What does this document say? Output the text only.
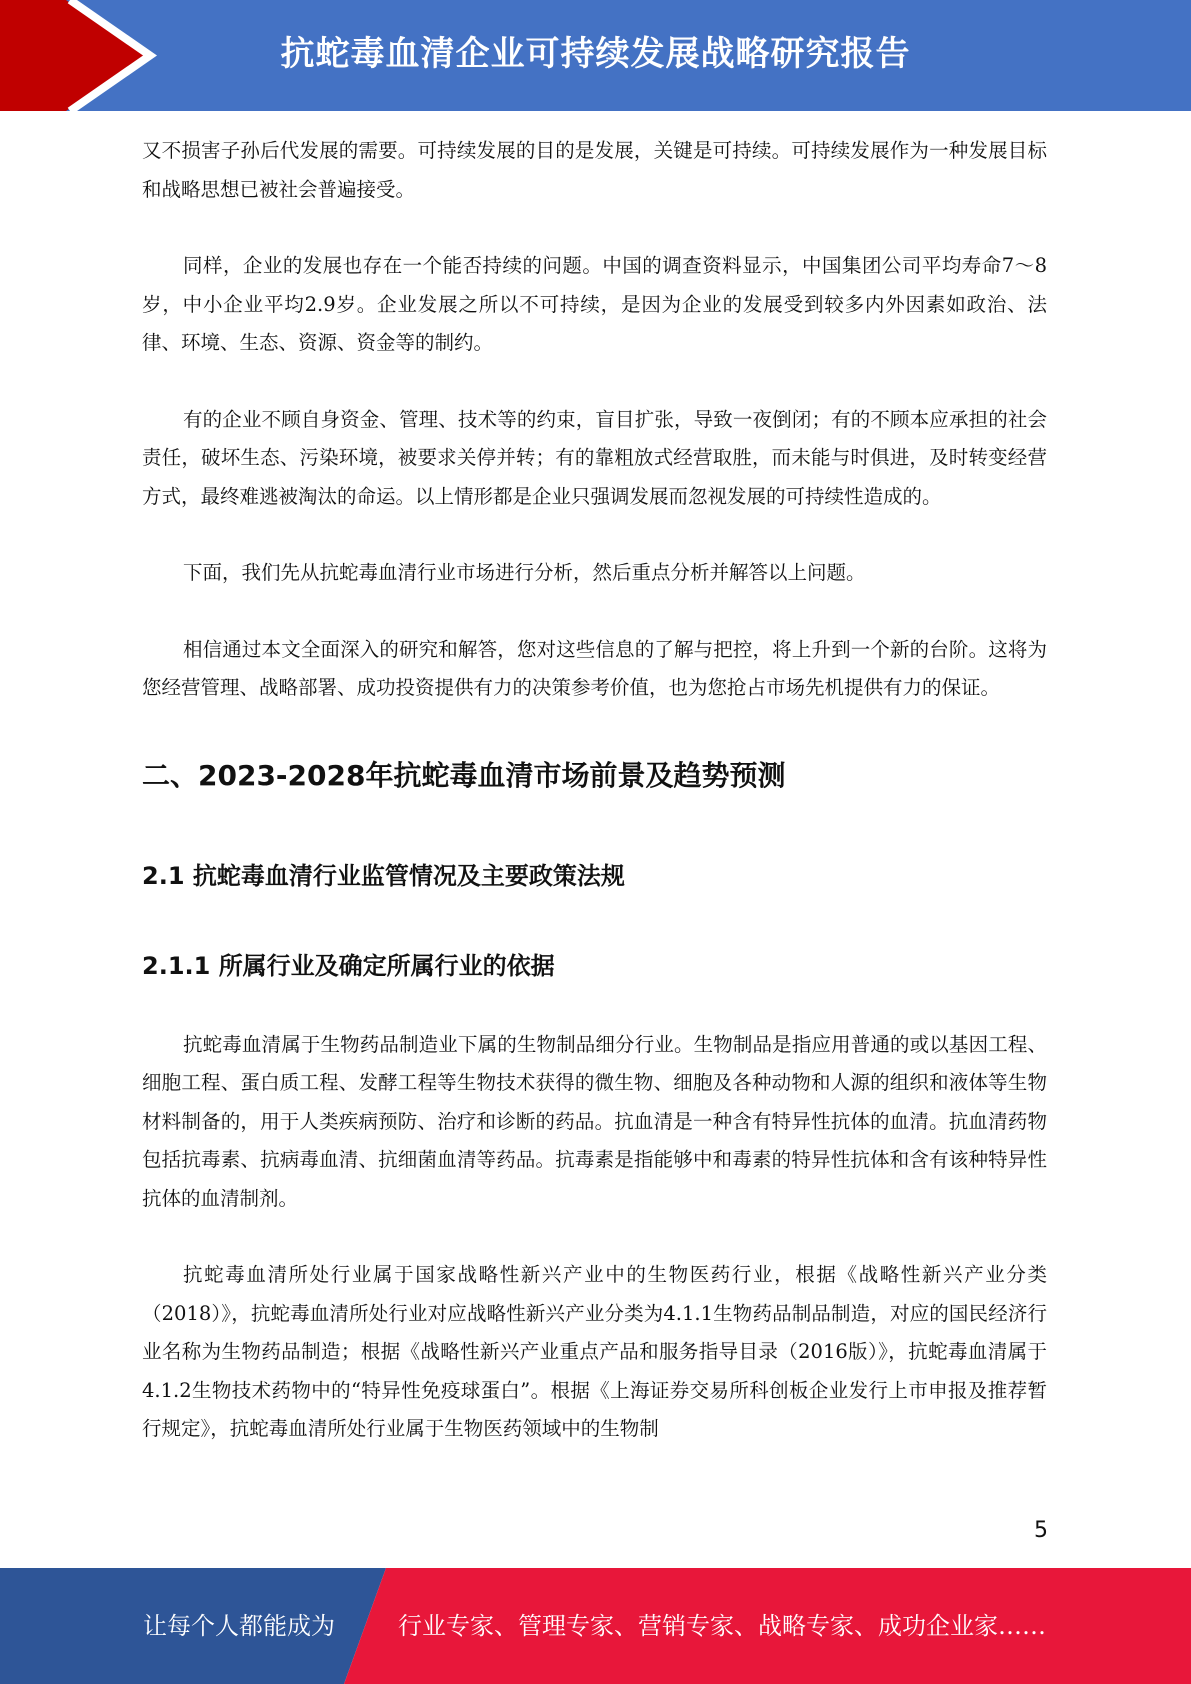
抗蛇毒血清企业可持续发展战略研究报告

又不损害子孙后代发展的需要。可持续发展的目的是发展，关键是可持续。可持续发展作为一种发展目标和战略思想已被社会普遍接受。

同样，企业的发展也存在一个能否持续的问题。中国的调查资料显示，中国集团公司平均寿命7～8岁，中小企业平均2.9岁。企业发展之所以不可持续，是因为企业的发展受到较多内外因素如政治、法律、环境、生态、资源、资金等的制约。

有的企业不顾自身资金、管理、技术等的约束，盲目扩张，导致一夜倒闭；有的不顾本应承担的社会责任，破坏生态、污染环境，被要求关停并转；有的靠粗放式经营取胜，而未能与时俱进，及时转变经营方式，最终难逃被淘汰的命运。以上情形都是企业只强调发展而忽视发展的可持续性造成的。

下面，我们先从抗蛇毒血清行业市场进行分析，然后重点分析并解答以上问题。

相信通过本文全面深入的研究和解答，您对这些信息的了解与把控，将上升到一个新的台阶。这将为您经营管理、战略部署、成功投资提供有力的决策参考价值，也为您抢占市场先机提供有力的保证。

二、2023-2028年抗蛇毒血清市场前景及趋势预测
2.1 抗蛇毒血清行业监管情况及主要政策法规
2.1.1 所属行业及确定所属行业的依据

抗蛇毒血清属于生物药品制造业下属的生物制品细分行业。生物制品是指应用普通的或以基因工程、细胞工程、蛋白质工程、发酵工程等生物技术获得的微生物、细胞及各种动物和人源的组织和液体等生物材料制备的，用于人类疾病预防、治疗和诊断的药品。抗血清是一种含有特异性抗体的血清。抗血清药物包括抗毒素、抗病毒血清、抗细菌血清等药品。抗毒素是指能够中和毒素的特异性抗体和含有该种特异性抗体的血清制剂。

抗蛇毒血清所处行业属于国家战略性新兴产业中的生物医药行业，根据《战略性新兴产业分类（2018）》，抗蛇毒血清所处行业对应战略性新兴产业分类为4.1.1生物药品制品制造，对应的国民经济行业名称为生物药品制造；根据《战略性新兴产业重点产品和服务指导目录（2016版）》，抗蛇毒血清属于4.1.2生物技术药物中的“特异性免疫球蛋白”。根据《上海证券交易所科创板企业发行上市申报及推荐暂行规定》，抗蛇毒血清所处行业属于生物医药领域中的生物制

5
让每个人都能成为	行业专家、管理专家、营销专家、战略专家、成功企业家……
